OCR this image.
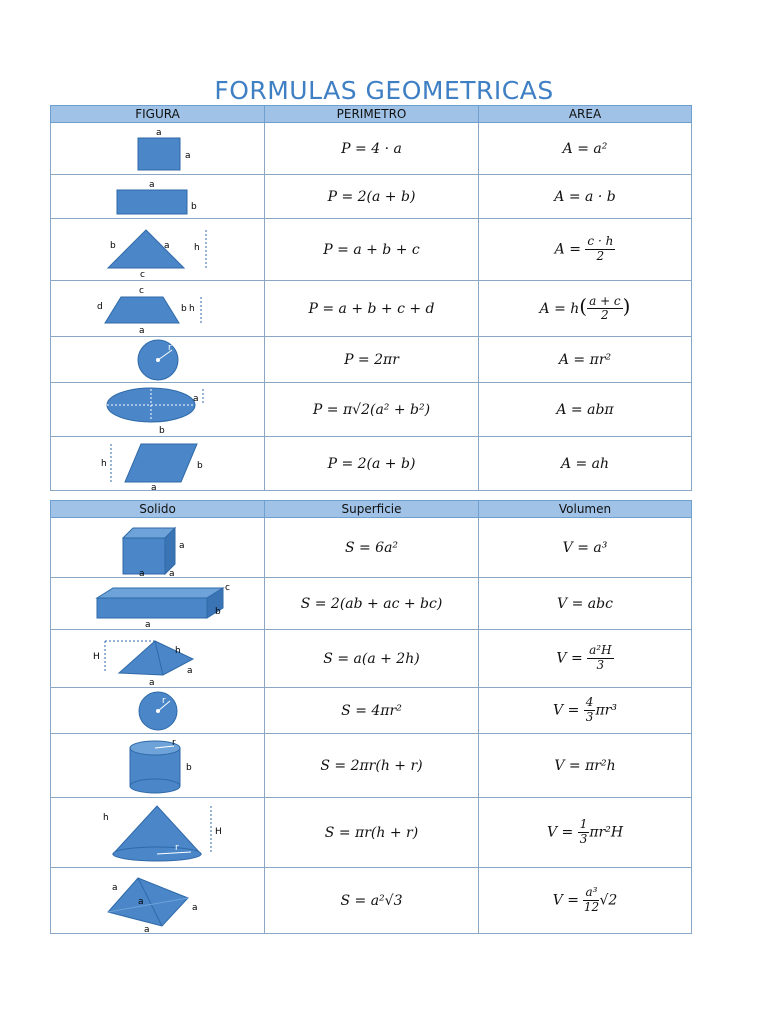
FORMULAS GEOMETRICAS
FIGURA	PERIMETRO	AREA

a
a	P = 4 · a	A = a²

a
b	P = 2(a + b)	A = a · b

b a h
c	P = a + b + c	$A = \frac{c \cdot h}{2}$

c
d b h
a	P = a + b + c + d	$A = h( \frac{a + c}{2}$ )

r	P = 2πr	A = πr²

a
b	P = π√2(a² + b²)	A = abπ

h b
a	P = 2(a + b)	A = ah
Solido	Superficie	Volumen

a
a
a	S = 6a²	V = a³

c
b
a	S = 2(ab + ac + bc)	V = abc

H
h
a
a	S = a(a + 2h)	$V = \frac{\text{a²H}}{3}$

r	S = 4πr²	$V = \frac{4}{3} \pi r^3$

r
b	S = 2πr(h + r)	V = πr²h

h
H
r	S = πr(h + r)	$V = \frac{1}{3} \pi r^2H$

a
a
a
a	S = a²√3	$V = \frac{\text{a³}}{12} √2$
